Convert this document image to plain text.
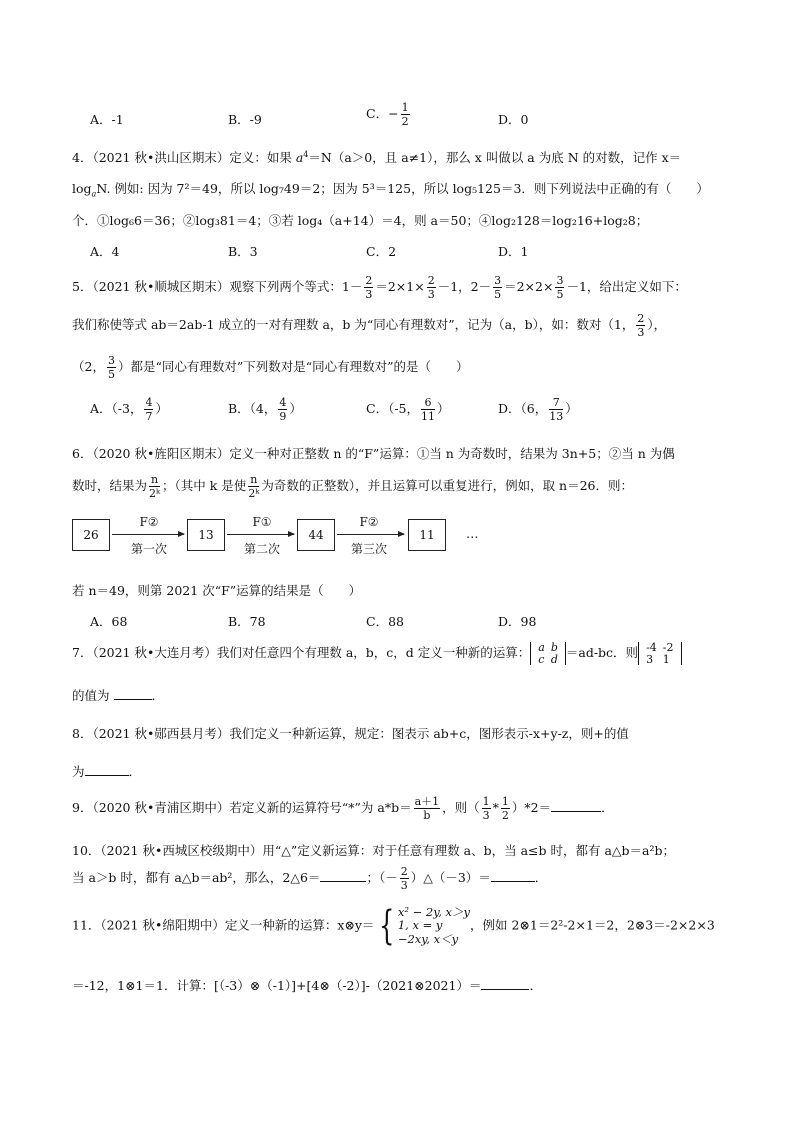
A．-1	B．-9	C．− $\frac{1}{2}$	D．0
4．（2021 秋•洪山区期末）定义：如果 $a^4=N(a>0$，且 a≠1），那么 x 叫做以 a 为底 N 的对数，记作 x＝
$\log_aN$. 例如: 因为 7²＝49，所以 log₇49＝2；因为 5³＝125，所以 log₅125＝3．则下列说法中正确的有（　　）
个．①log₆6＝36；②log₃81＝4；③若 log₄（a+14）＝4，则 a＝50；④log₂128＝log₂16+log₂8；
A．4	B．3	C．2	D．1
5．（2021 秋•顺城区期末）观察下列两个等式：$1- \frac{2}{3} =2\times 1\times \frac{2}{3} -1$，$2- \frac{3}{5} =2\times 2\times \frac{3}{5} -1$，给出定义如下：
我们称使等式 ab＝2ab-1 成立的一对有理数 a，b 为“同心有理数对”，记为（a，b），如：数对（1， $\frac{2}{3}$ ），
（2， $\frac{3}{5}$ ）都是“同心有理数对”下列数对是“同心有理数对”的是（　　）
A．（-3， $\frac{4}{7}$ ）	B．（4， $\frac{4}{9}$ ）	C．（-5， $\frac{6}{11}$ ）	D．（6， $\frac{7}{13}$ ）
6．（2020 秋•旌阳区期末）定义一种对正整数 n 的“F”运算：①当 n 为奇数时，结果为 3n+5；②当 n 为偶
数时，结果为 $\frac{n}{\text{2ᵏ}}$ ；（其中 k 是使 $\frac{n}{\text{2ᵏ}}$ 为奇数的正整数），并且运算可以重复进行，例如，取 n＝26．则：
26
F②
第一次
13
F①
第二次
44
F②
第三次
11	…
若 n＝49，则第 2021 次“F”运算的结果是（　　）
A．68	B．78	C．88	D．98
7．（2021 秋•大连月考）我们对任意四个有理数 a，b，c，d 定义一种新的运算： a	b
c	d ＝ad-bc．则 -4	-2
3	1
的值为	．
8．（2021 秋•郧西县月考）我们定义一种新运算，规定：图表示 ab+c，图形表示-x+y-z，则+的值
为	．
9．（2020 秋•青浦区期中）若定义新的运算符号“*”为 $a*b= \frac{a+1}{b}$ ，则（ $\frac{1}{3} * \frac{1}{2} )*2=$	．
10．（2021 秋•西城区校级期中）用“△”定义新运算：对于任意有理数 a、b，当 a≤b 时，都有 a△b＝a²b；
当 a＞b 时，都有 a△b＝ab²，那么，2△6＝	；（－ $\frac{2}{3}$ ）△（－3）＝	．
11．（2021 秋•绵阳期中）定义一种新的运算：x⊗y＝ { x² − 2y, x＞y
1, x = y
−2xy, x＜y
，例如 2⊗1＝2²-2×1＝2，2⊗3＝-2×2×3
＝-12，1⊗1＝1．计算：[（-3）⊗（-1）]+[4⊗（-2）]-（2021⊗2021）＝	．
